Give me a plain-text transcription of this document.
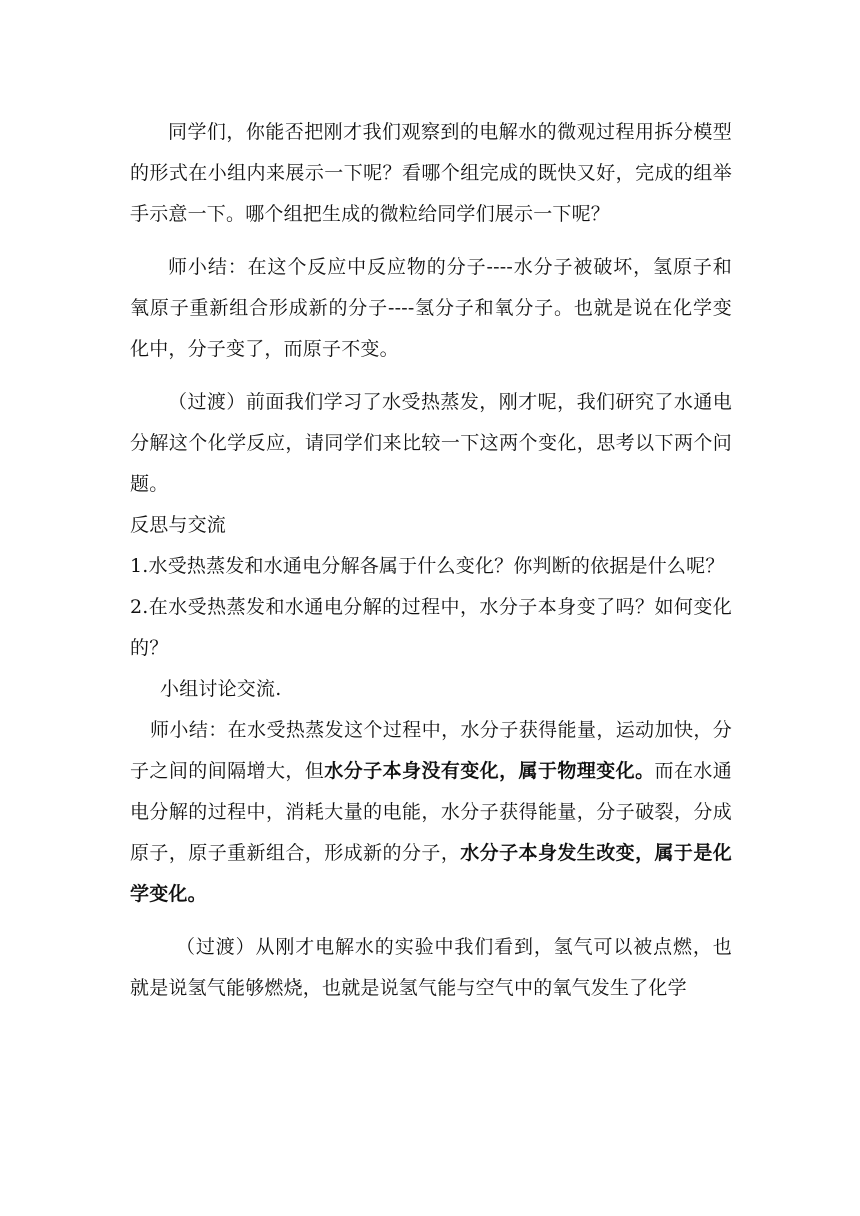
同学们，你能否把刚才我们观察到的电解水的微观过程用拆分模型的形式在小组内来展示一下呢？看哪个组完成的既快又好，完成的组举手示意一下。哪个组把生成的微粒给同学们展示一下呢？

师小结：在这个反应中反应物的分子----水分子被破坏，氢原子和氧原子重新组合形成新的分子----氢分子和氧分子。也就是说在化学变化中，分子变了，而原子不变。

（过渡）前面我们学习了水受热蒸发，刚才呢，我们研究了水通电分解这个化学反应，请同学们来比较一下这两个变化，思考以下两个问题。

反思与交流

1.水受热蒸发和水通电分解各属于什么变化？你判断的依据是什么呢？

2.在水受热蒸发和水通电分解的过程中，水分子本身变了吗？如何变化的？

小组讨论交流.

师小结：在水受热蒸发这个过程中，水分子获得能量，运动加快，分子之间的间隔增大，但水分子本身没有变化，属于物理变化。而在水通电分解的过程中，消耗大量的电能，水分子获得能量，分子破裂，分成原子，原子重新组合，形成新的分子，水分子本身发生改变，属于是化学变化。

（过渡）从刚才电解水的实验中我们看到，氢气可以被点燃，也就是说氢气能够燃烧，也就是说氢气能与空气中的氧气发生了化学
